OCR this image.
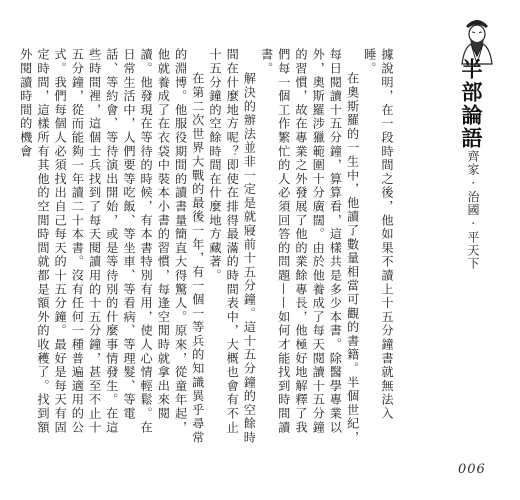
據說明，在一段時間之後，他如果不讀上十五分鐘書就無法入睡。

在奧斯羅的一生中，他讀了數量相當可觀的書籍。半個世紀，每日閱讀十五分鐘，算算看，這樣共是多少本書。除醫學專業以外，奧斯羅涉獵範圍十分廣闊。由於他養成了每天閱讀十五分鐘的習慣，故在專業之外發展了他的業餘專長，他極好地解釋了我們每一個工作繁忙的人必須回答的問題——如何才能找到時間讀書。

解決的辦法並非一定是就寢前十五分鐘。這十五分鐘的空餘時間在什麼地方呢？即使在排得最滿的時間表中，大概也會有不止十五分鐘的空餘時間在什麼地方藏著。

在第二次世界大戰的最後一年，有一個一等兵的知識異乎尋常的淵博。他服役期間的讀書量簡直大得驚人。原來，從童年起，他就養成了在衣袋中裝本小書的習慣，每逢空閒時就拿出來閱讀。他發現在等待的時候，有本書特別有用，使人心情輕鬆。在日常生活中，人們要等吃飯、等坐車、等看病、等理髮、等電話、等約會、等待演出開始，或是等待別的什麼事情發生。在這些時間裡，這個士兵找到了每天閱讀用的十五分鐘，甚至不止十五分鐘，從而能夠一年讀二十本書。沒有任何一種普遍適用的公式。我們每個人必須找出自己每天的十五分鐘。最好是每天有固定時間，這樣所有其他的空閒時間就都是額外的收穫了。找到額外閱讀時間的機會	半部論語
齊家 · 治國 · 平天下
006
